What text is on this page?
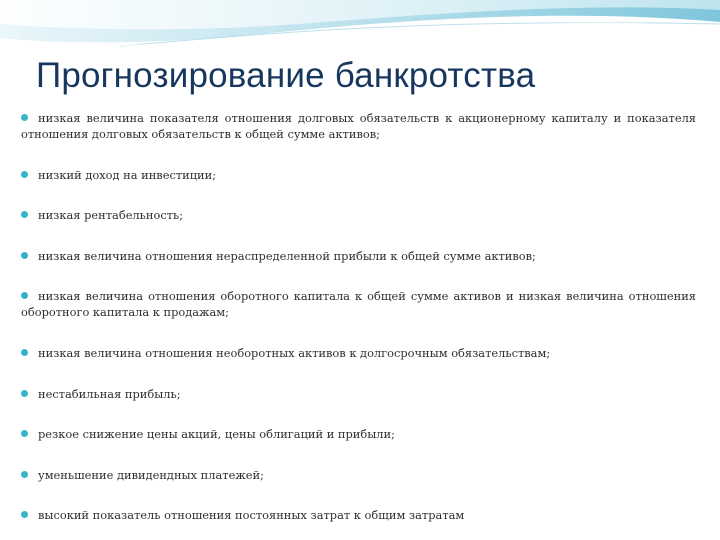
Прогнозирование банкротства
низкая величина показателя отношения долговых обязательств к акционерному капиталу и показателя отношения долговых обязательств к общей сумме активов;
низкий доход на инвестиции;
низкая рентабельность;
низкая величина отношения нераспределенной прибыли к общей сумме активов;
низкая величина отношения оборотного капитала к общей сумме активов и низкая величина отношения оборотного капитала к продажам;
низкая величина отношения необоротных активов к долгосрочным обязательствам;
нестабильная прибыль;
резкое снижение цены акций, цены облигаций и прибыли;
уменьшение дивидендных платежей;
высокий показатель отношения постоянных затрат к общим затратам
